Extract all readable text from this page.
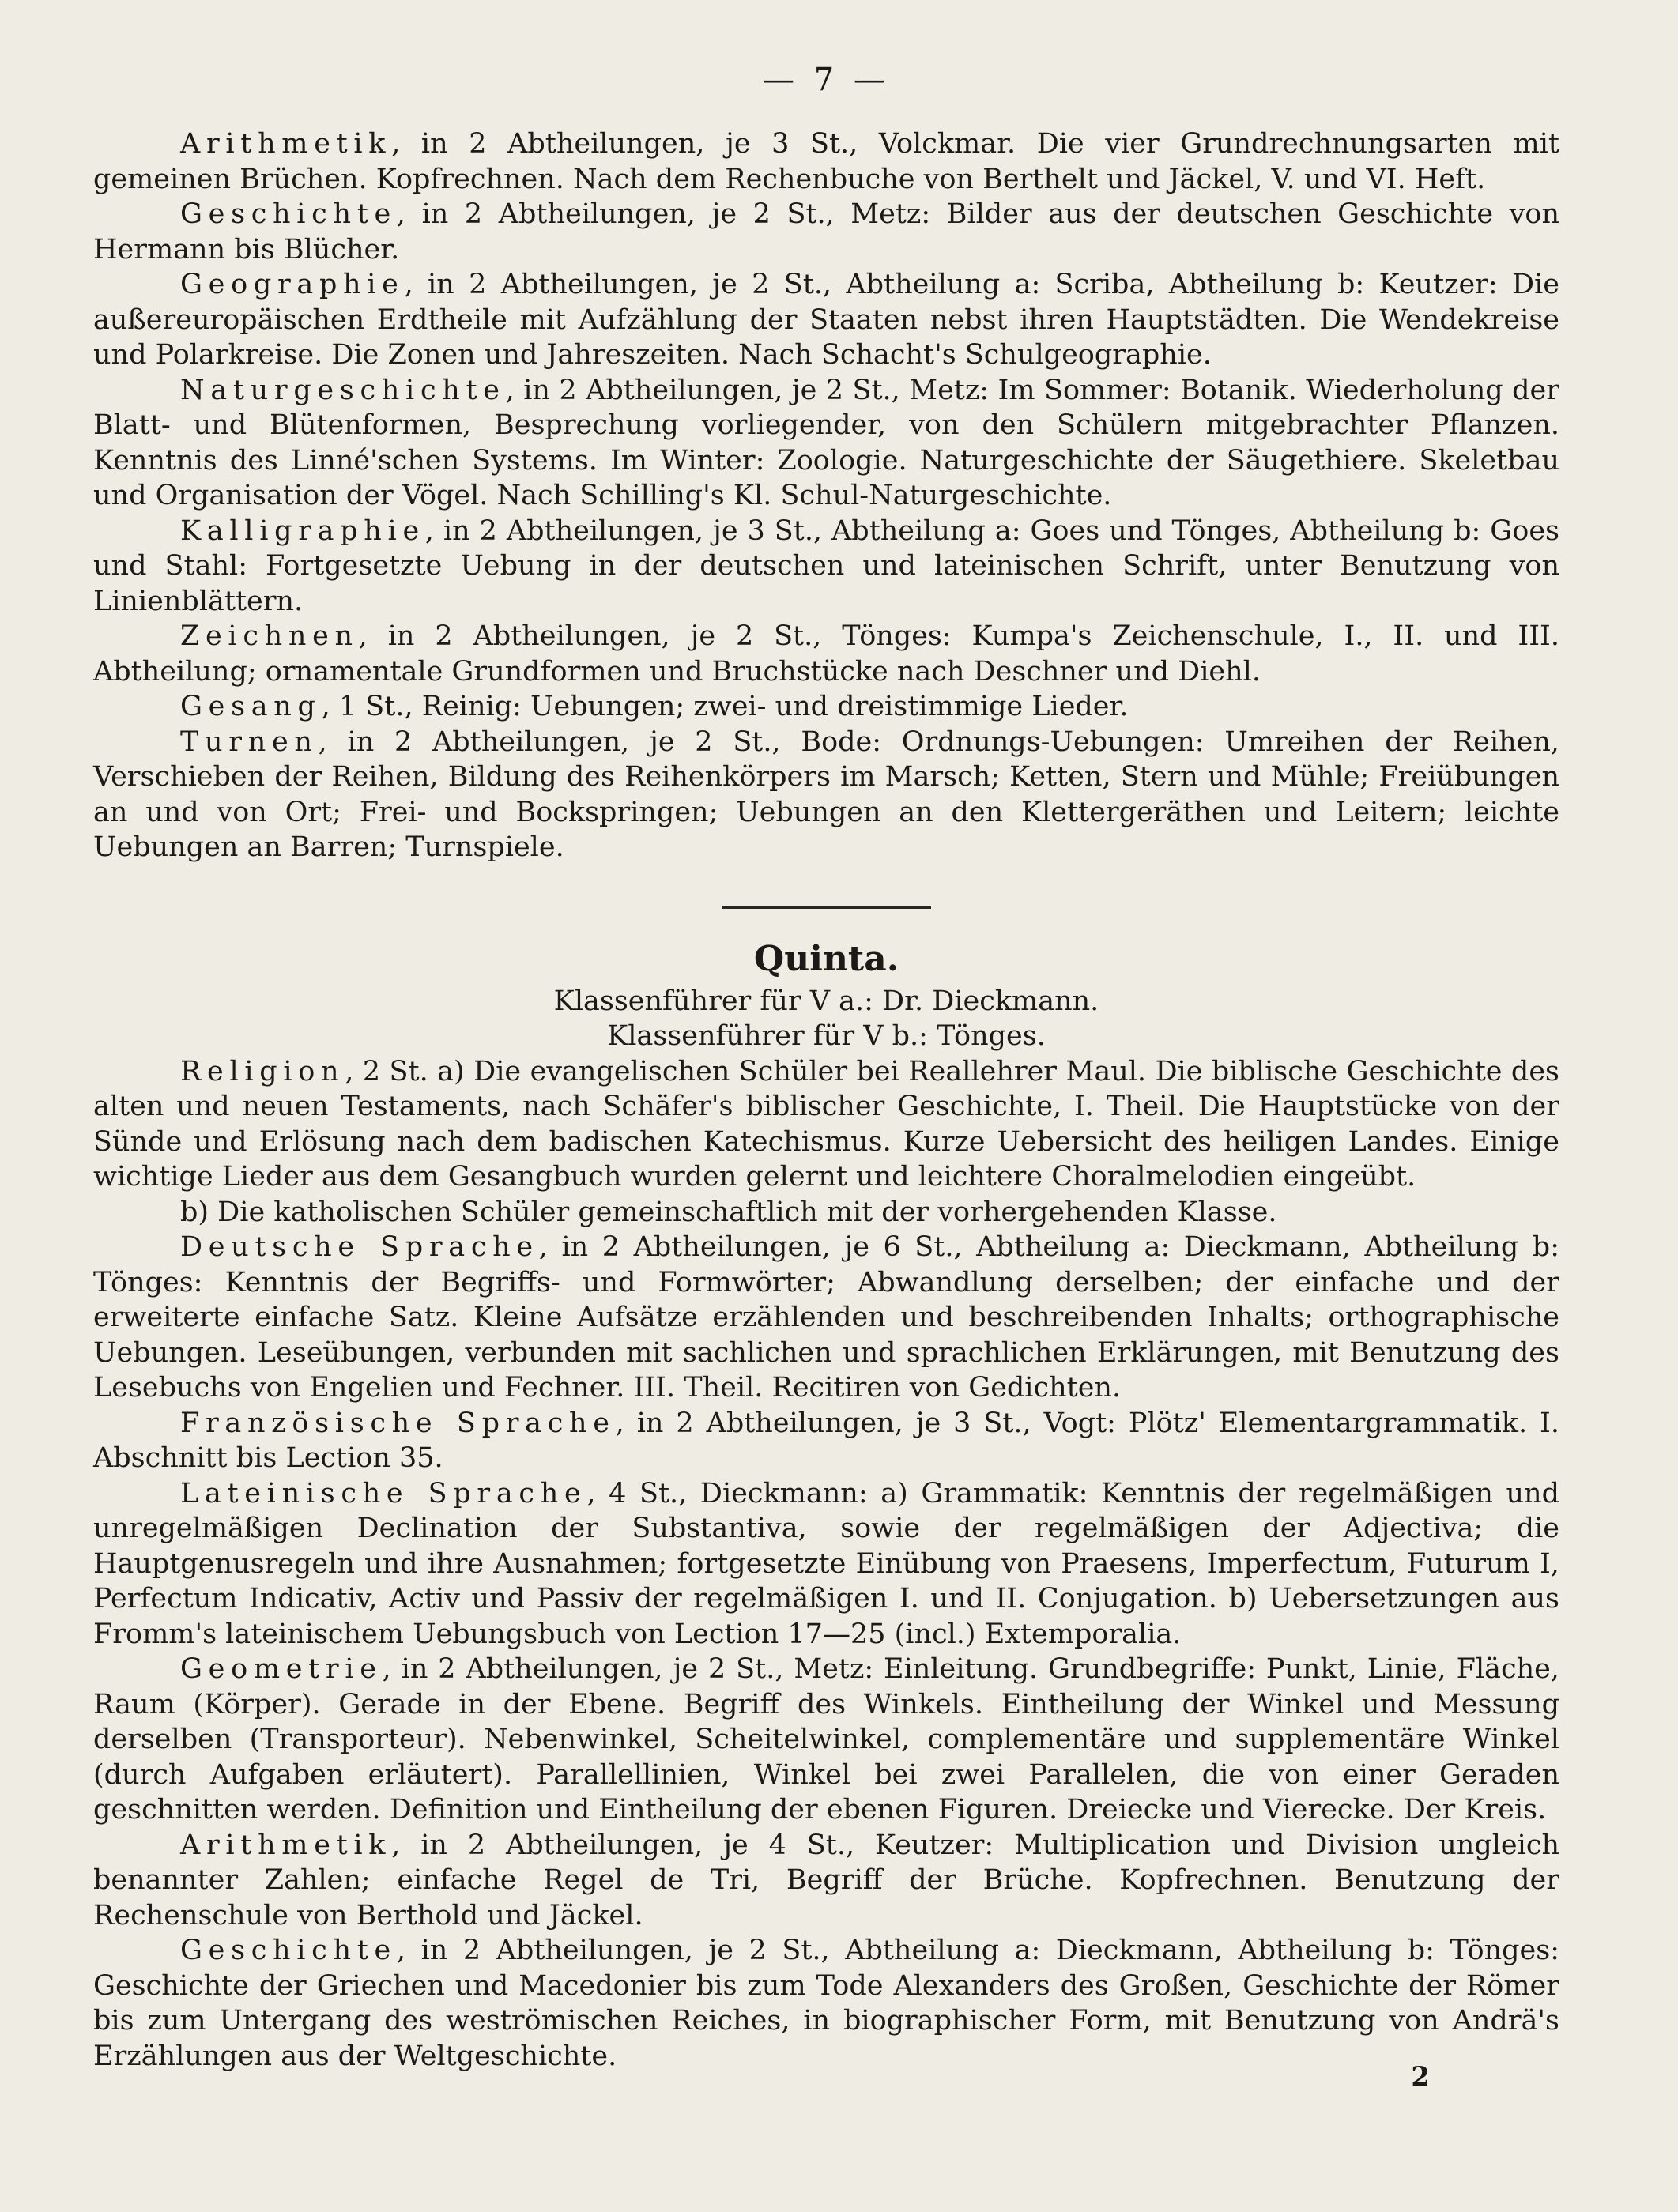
— 7 —

Arithmetik, in 2 Abtheilungen, je 3 St., Volckmar. Die vier Grundrechnungsarten mit gemeinen Brüchen. Kopfrechnen. Nach dem Rechenbuche von Berthelt und Jäckel, V. und VI. Heft.

Geschichte, in 2 Abtheilungen, je 2 St., Metz: Bilder aus der deutschen Geschichte von Hermann bis Blücher.

Geographie, in 2 Abtheilungen, je 2 St., Abtheilung a: Scriba, Abtheilung b: Keutzer: Die außereuropäischen Erdtheile mit Aufzählung der Staaten nebst ihren Hauptstädten. Die Wendekreise und Polarkreise. Die Zonen und Jahreszeiten. Nach Schacht's Schulgeographie.

Naturgeschichte, in 2 Abtheilungen, je 2 St., Metz: Im Sommer: Botanik. Wiederholung der Blatt- und Blütenformen, Besprechung vorliegender, von den Schülern mitgebrachter Pflanzen. Kenntnis des Linné'schen Systems. Im Winter: Zoologie. Naturgeschichte der Säugethiere. Skeletbau und Organisation der Vögel. Nach Schilling's Kl. Schul-Naturgeschichte.

Kalligraphie, in 2 Abtheilungen, je 3 St., Abtheilung a: Goes und Tönges, Abtheilung b: Goes und Stahl: Fortgesetzte Uebung in der deutschen und lateinischen Schrift, unter Benutzung von Linienblättern.

Zeichnen, in 2 Abtheilungen, je 2 St., Tönges: Kumpa's Zeichenschule, I., II. und III. Abtheilung; ornamentale Grundformen und Bruchstücke nach Deschner und Diehl.

Gesang, 1 St., Reinig: Uebungen; zwei- und dreistimmige Lieder.

Turnen, in 2 Abtheilungen, je 2 St., Bode: Ordnungs-Uebungen: Umreihen der Reihen, Verschieben der Reihen, Bildung des Reihenkörpers im Marsch; Ketten, Stern und Mühle; Freiübungen an und von Ort; Frei- und Bockspringen; Uebungen an den Klettergeräthen und Leitern; leichte Uebungen an Barren; Turnspiele.

Quinta.

Klassenführer für V a.: Dr. Dieckmann.

Klassenführer für V b.: Tönges.

Religion, 2 St. a) Die evangelischen Schüler bei Reallehrer Maul. Die biblische Geschichte des alten und neuen Testaments, nach Schäfer's biblischer Geschichte, I. Theil. Die Hauptstücke von der Sünde und Erlösung nach dem badischen Katechismus. Kurze Uebersicht des heiligen Landes. Einige wichtige Lieder aus dem Gesangbuch wurden gelernt und leichtere Choralmelodien eingeübt.

b) Die katholischen Schüler gemeinschaftlich mit der vorhergehenden Klasse.

Deutsche Sprache, in 2 Abtheilungen, je 6 St., Abtheilung a: Dieckmann, Abtheilung b: Tönges: Kenntnis der Begriffs- und Formwörter; Abwandlung derselben; der einfache und der erweiterte einfache Satz. Kleine Aufsätze erzählenden und beschreibenden Inhalts; orthographische Uebungen. Leseübungen, verbunden mit sachlichen und sprachlichen Erklärungen, mit Benutzung des Lesebuchs von Engelien und Fechner. III. Theil. Recitiren von Gedichten.

Französische Sprache, in 2 Abtheilungen, je 3 St., Vogt: Plötz' Elementargrammatik. I. Abschnitt bis Lection 35.

Lateinische Sprache, 4 St., Dieckmann: a) Grammatik: Kenntnis der regelmäßigen und unregelmäßigen Declination der Substantiva, sowie der regelmäßigen der Adjectiva; die Hauptgenusregeln und ihre Ausnahmen; fortgesetzte Einübung von Praesens, Imperfectum, Futurum I, Perfectum Indicativ, Activ und Passiv der regelmäßigen I. und II. Conjugation. b) Uebersetzungen aus Fromm's lateinischem Uebungsbuch von Lection 17—25 (incl.) Extemporalia.

Geometrie, in 2 Abtheilungen, je 2 St., Metz: Einleitung. Grundbegriffe: Punkt, Linie, Fläche, Raum (Körper). Gerade in der Ebene. Begriff des Winkels. Eintheilung der Winkel und Messung derselben (Transporteur). Nebenwinkel, Scheitelwinkel, complementäre und supplementäre Winkel (durch Aufgaben erläutert). Parallellinien, Winkel bei zwei Parallelen, die von einer Geraden geschnitten werden. Definition und Eintheilung der ebenen Figuren. Dreiecke und Vierecke. Der Kreis.

Arithmetik, in 2 Abtheilungen, je 4 St., Keutzer: Multiplication und Division ungleich benannter Zahlen; einfache Regel de Tri, Begriff der Brüche. Kopfrechnen. Benutzung der Rechenschule von Berthold und Jäckel.

Geschichte, in 2 Abtheilungen, je 2 St., Abtheilung a: Dieckmann, Abtheilung b: Tönges: Geschichte der Griechen und Macedonier bis zum Tode Alexanders des Großen, Geschichte der Römer bis zum Untergang des weströmischen Reiches, in biographischer Form, mit Benutzung von Andrä's Erzählungen aus der Weltgeschichte.

2
